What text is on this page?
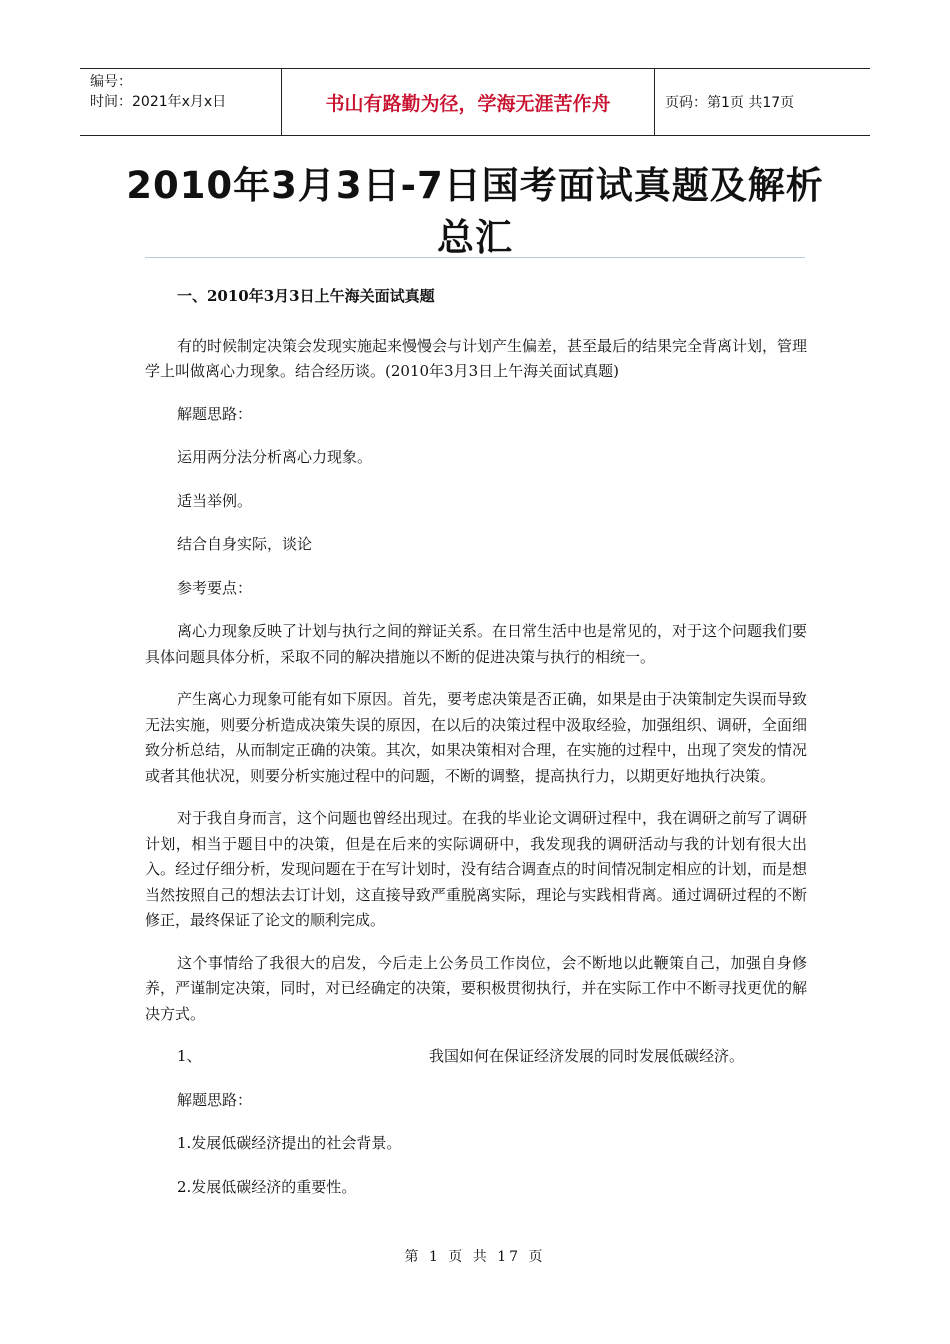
编号：
时间：2021年x月x日	书山有路勤为径，学海无涯苦作舟	页码：第1页 共17页
2010年3月3日-7日国考面试真题及解析总汇

一、2010年3月3日上午海关面试真题

有的时候制定决策会发现实施起来慢慢会与计划产生偏差，甚至最后的结果完全背离计划，管理学上叫做离心力现象。结合经历谈。(2010年3月3日上午海关面试真题)

解题思路：

运用两分法分析离心力现象。

适当举例。

结合自身实际，谈论

参考要点：

离心力现象反映了计划与执行之间的辩证关系。在日常生活中也是常见的，对于这个问题我们要具体问题具体分析，采取不同的解决措施以不断的促进决策与执行的相统一。

产生离心力现象可能有如下原因。首先，要考虑决策是否正确，如果是由于决策制定失误而导致无法实施，则要分析造成决策失误的原因，在以后的决策过程中汲取经验，加强组织、调研，全面细致分析总结，从而制定正确的决策。其次，如果决策相对合理，在实施的过程中，出现了突发的情况或者其他状况，则要分析实施过程中的问题，不断的调整，提高执行力，以期更好地执行决策。

对于我自身而言，这个问题也曾经出现过。在我的毕业论文调研过程中，我在调研之前写了调研计划，相当于题目中的决策，但是在后来的实际调研中，我发现我的调研活动与我的计划有很大出入。经过仔细分析，发现问题在于在写计划时，没有结合调查点的时间情况制定相应的计划，而是想当然按照自己的想法去订计划，这直接导致严重脱离实际，理论与实践相背离。通过调研过程的不断修正，最终保证了论文的顺利完成。

这个事情给了我很大的启发，今后走上公务员工作岗位，会不断地以此鞭策自己，加强自身修养，严谨制定决策，同时，对已经确定的决策，要积极贯彻执行，并在实际工作中不断寻找更优的解决方式。

1、	我国如何在保证经济发展的同时发展低碳经济。

解题思路：

1.发展低碳经济提出的社会背景。

2.发展低碳经济的重要性。

第 1 页 共 17 页
